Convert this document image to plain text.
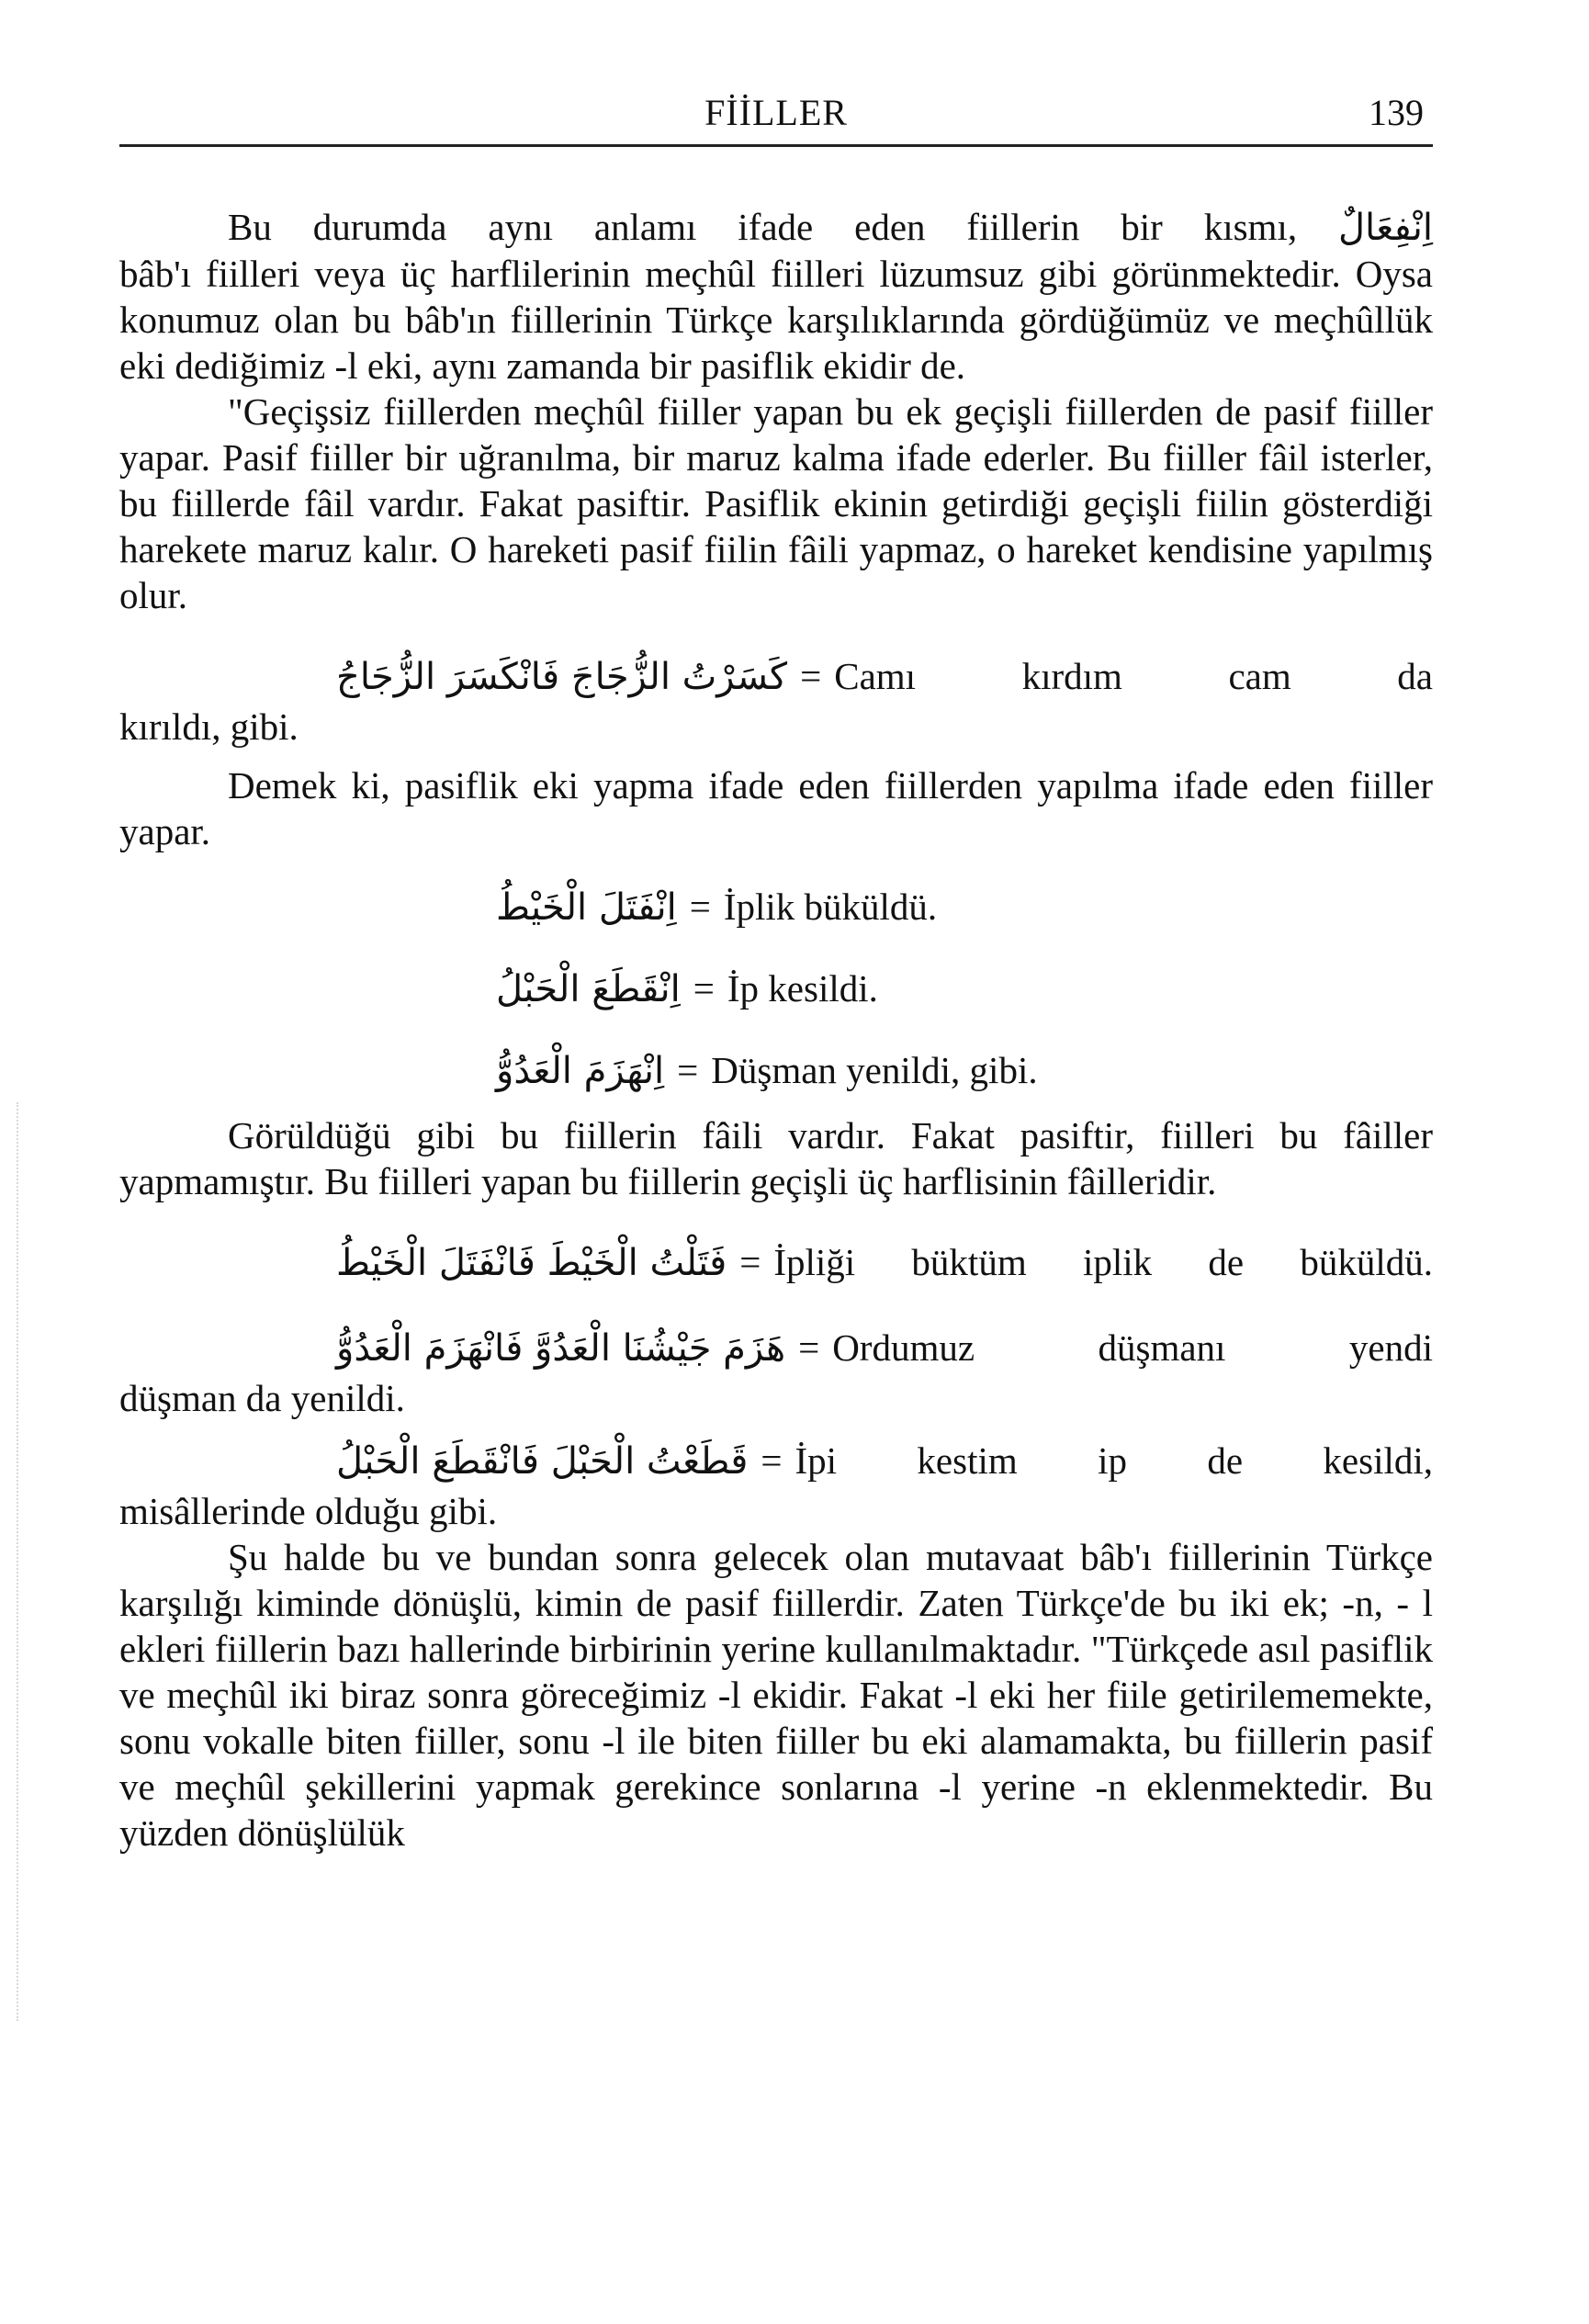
FİİLLER	139

Bu durumda aynı anlamı ifade eden fiillerin bir kısmı, اِنْفِعَالٌ

bâb'ı fiilleri veya üç harflilerinin meçhûl fiilleri lüzumsuz gibi görünmektedir. Oysa konumuz olan bu bâb'ın fiillerinin Türkçe karşılıklarında gördüğümüz ve meçhûllük eki dediğimiz -l eki, aynı zamanda bir pasiflik ekidir de.

"Geçişsiz fiillerden meçhûl fiiller yapan bu ek geçişli fiillerden de pasif fiiller yapar. Pasif fiiller bir uğranılma, bir maruz kalma ifade ederler. Bu fiiller fâil isterler, bu fiillerde fâil vardır. Fakat pasiftir. Pasiflik ekinin getirdiği geçişli fiilin gösterdiği harekete maruz kalır. O hareketi pasif fiilin fâili yapmaz, o hareket kendisine yapılmış olur.

كَسَرْتُ الزُّجَاجَ فَانْكَسَرَ الزُّجَاجُ = Camı kırdım cam da

kırıldı, gibi.

Demek ki, pasiflik eki yapma ifade eden fiillerden yapılma ifade eden fiiller yapar.

اِنْفَتَلَ الْخَيْطُ = İplik büküldü.
اِنْقَطَعَ الْحَبْلُ = İp kesildi.
اِنْهَزَمَ الْعَدُوُّ = Düşman yenildi, gibi.

Görüldüğü gibi bu fiillerin fâili vardır. Fakat pasiftir, fiilleri bu fâiller yapmamıştır. Bu fiilleri yapan bu fiillerin geçişli üç harflisinin fâilleridir.

فَتَلْتُ الْخَيْطَ فَانْفَتَلَ الْخَيْطُ = İpliği büktüm iplik de büküldü.
هَزَمَ جَيْشُنَا الْعَدُوَّ فَانْهَزَمَ الْعَدُوُّ = Ordumuz düşmanı yendi

düşman da yenildi.

قَطَعْتُ الْحَبْلَ فَانْقَطَعَ الْحَبْلُ = İpi kestim ip de kesildi,

misâllerinde olduğu gibi.

Şu halde bu ve bundan sonra gelecek olan mutavaat bâb'ı fiillerinin Türkçe karşılığı kiminde dönüşlü, kimin de pasif fiillerdir. Zaten Türkçe'de bu iki ek; -n, - l ekleri fiillerin bazı hallerinde birbirinin yerine kullanılmaktadır. "Türkçede asıl pasiflik ve meçhûl iki biraz sonra göreceğimiz -l ekidir. Fakat -l eki her fiile getirilememekte, sonu vokalle biten fiiller, sonu -l ile biten fiiller bu eki alamamakta, bu fiillerin pasif ve meçhûl şekillerini yapmak gerekince sonlarına -l yerine -n eklenmektedir. Bu yüzden dönüşlülük
